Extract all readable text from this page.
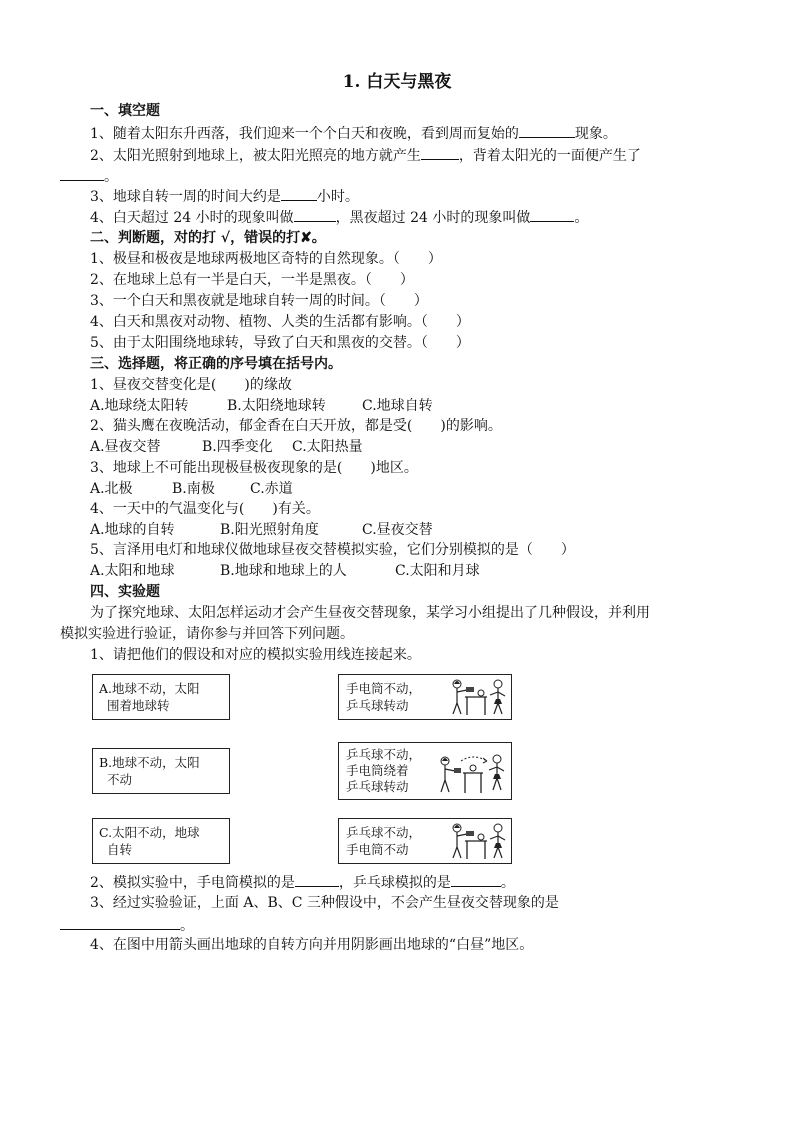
1. 白天与黑夜
一、填空题
1、随着太阳东升西落，我们迎来一个个白天和夜晚，看到周而复始的	现象。
2、太阳光照射到地球上，被太阳光照亮的地方就产生	，背着太阳光的一面便产生了
。
3、地球自转一周的时间大约是	小时。
4、白天超过 24 小时的现象叫做	，黑夜超过 24 小时的现象叫做	。
二、判断题，对的打 √，错误的打✘。
1、极昼和极夜是地球两极地区奇特的自然现象。（　　）
2、在地球上总有一半是白天，一半是黑夜。（　　）
3、一个白天和黑夜就是地球自转一周的时间。（　　）
4、白天和黑夜对动物、植物、人类的生活都有影响。（　　）
5、由于太阳围绕地球转，导致了白天和黑夜的交替。（　　）
三、选择题，将正确的序号填在括号内。
1、昼夜交替变化是(　　)的缘故
A.地球绕太阳转	B.太阳绕地球转	C.地球自转
2、猫头鹰在夜晚活动，郁金香在白天开放，都是受(　　)的影响。
A.昼夜交替	B.四季变化 C.太阳热量
3、地球上不可能出现极昼极夜现象的是(　　)地区。
A.北极	B.南极	C.赤道
4、一天中的气温变化与(　　)有关。
A.地球的自转	B.阳光照射角度	C.昼夜交替
5、言泽用电灯和地球仪做地球昼夜交替模拟实验，它们分别模拟的是（　　）
A.太阳和地球	B.地球和地球上的人	C.太阳和月球
四、实验题
为了探究地球、太阳怎样运动才会产生昼夜交替现象，某学习小组提出了几种假设，并利用
模拟实验进行验证，请你参与并回答下列问题。
1、请把他们的假设和对应的模拟实验用线连接起来。
A.地球不动，太阳
围着地球转
B.地球不动，太阳
不动
C.太阳不动，地球
自转
手电筒不动，
乒乓球转动
乒乓球不动，
手电筒绕着
乒乓球转动
乒乓球不动，
手电筒不动
2、模拟实验中，手电筒模拟的是	，乒乓球模拟的是	。
3、经过实验验证，上面 A、B、C 三种假设中，不会产生昼夜交替现象的是
。
4、在图中用箭头画出地球的自转方向并用阴影画出地球的“白昼”地区。
